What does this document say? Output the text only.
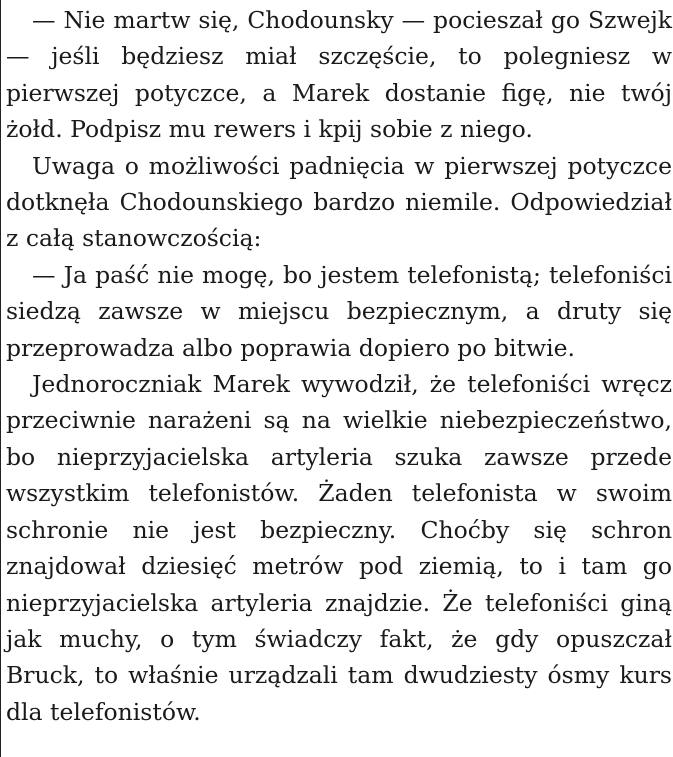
— Nie martw się, Chodounsky — pocieszał go Szwejk — jeśli będziesz miał szczęście, to polegniesz w pierwszej potyczce, a Marek dostanie figę, nie twój żołd. Podpisz mu rewers i kpij sobie z niego.

Uwaga o możliwości padnięcia w pierwszej potyczce dotknęła Chodounskiego bardzo niemile. Odpowiedział z całą stanowczością:

— Ja paść nie mogę, bo jestem telefonistą; telefoniści siedzą zawsze w miejscu bezpiecznym, a druty się przeprowadza albo poprawia dopiero po bitwie.

Jednoroczniak Marek wywodził, że telefoniści wręcz przeciwnie narażeni są na wielkie niebezpieczeństwo, bo nieprzyjacielska artyleria szuka zawsze przede wszystkim telefonistów. Żaden telefonista w swoim schronie nie jest bezpieczny. Choćby się schron znajdował dziesięć metrów pod ziemią, to i tam go nieprzyjacielska artyleria znajdzie. Że telefoniści giną jak muchy, o tym świadczy fakt, że gdy opuszczał Bruck, to właśnie urządzali tam dwudziesty ósmy kurs dla telefonistów.
